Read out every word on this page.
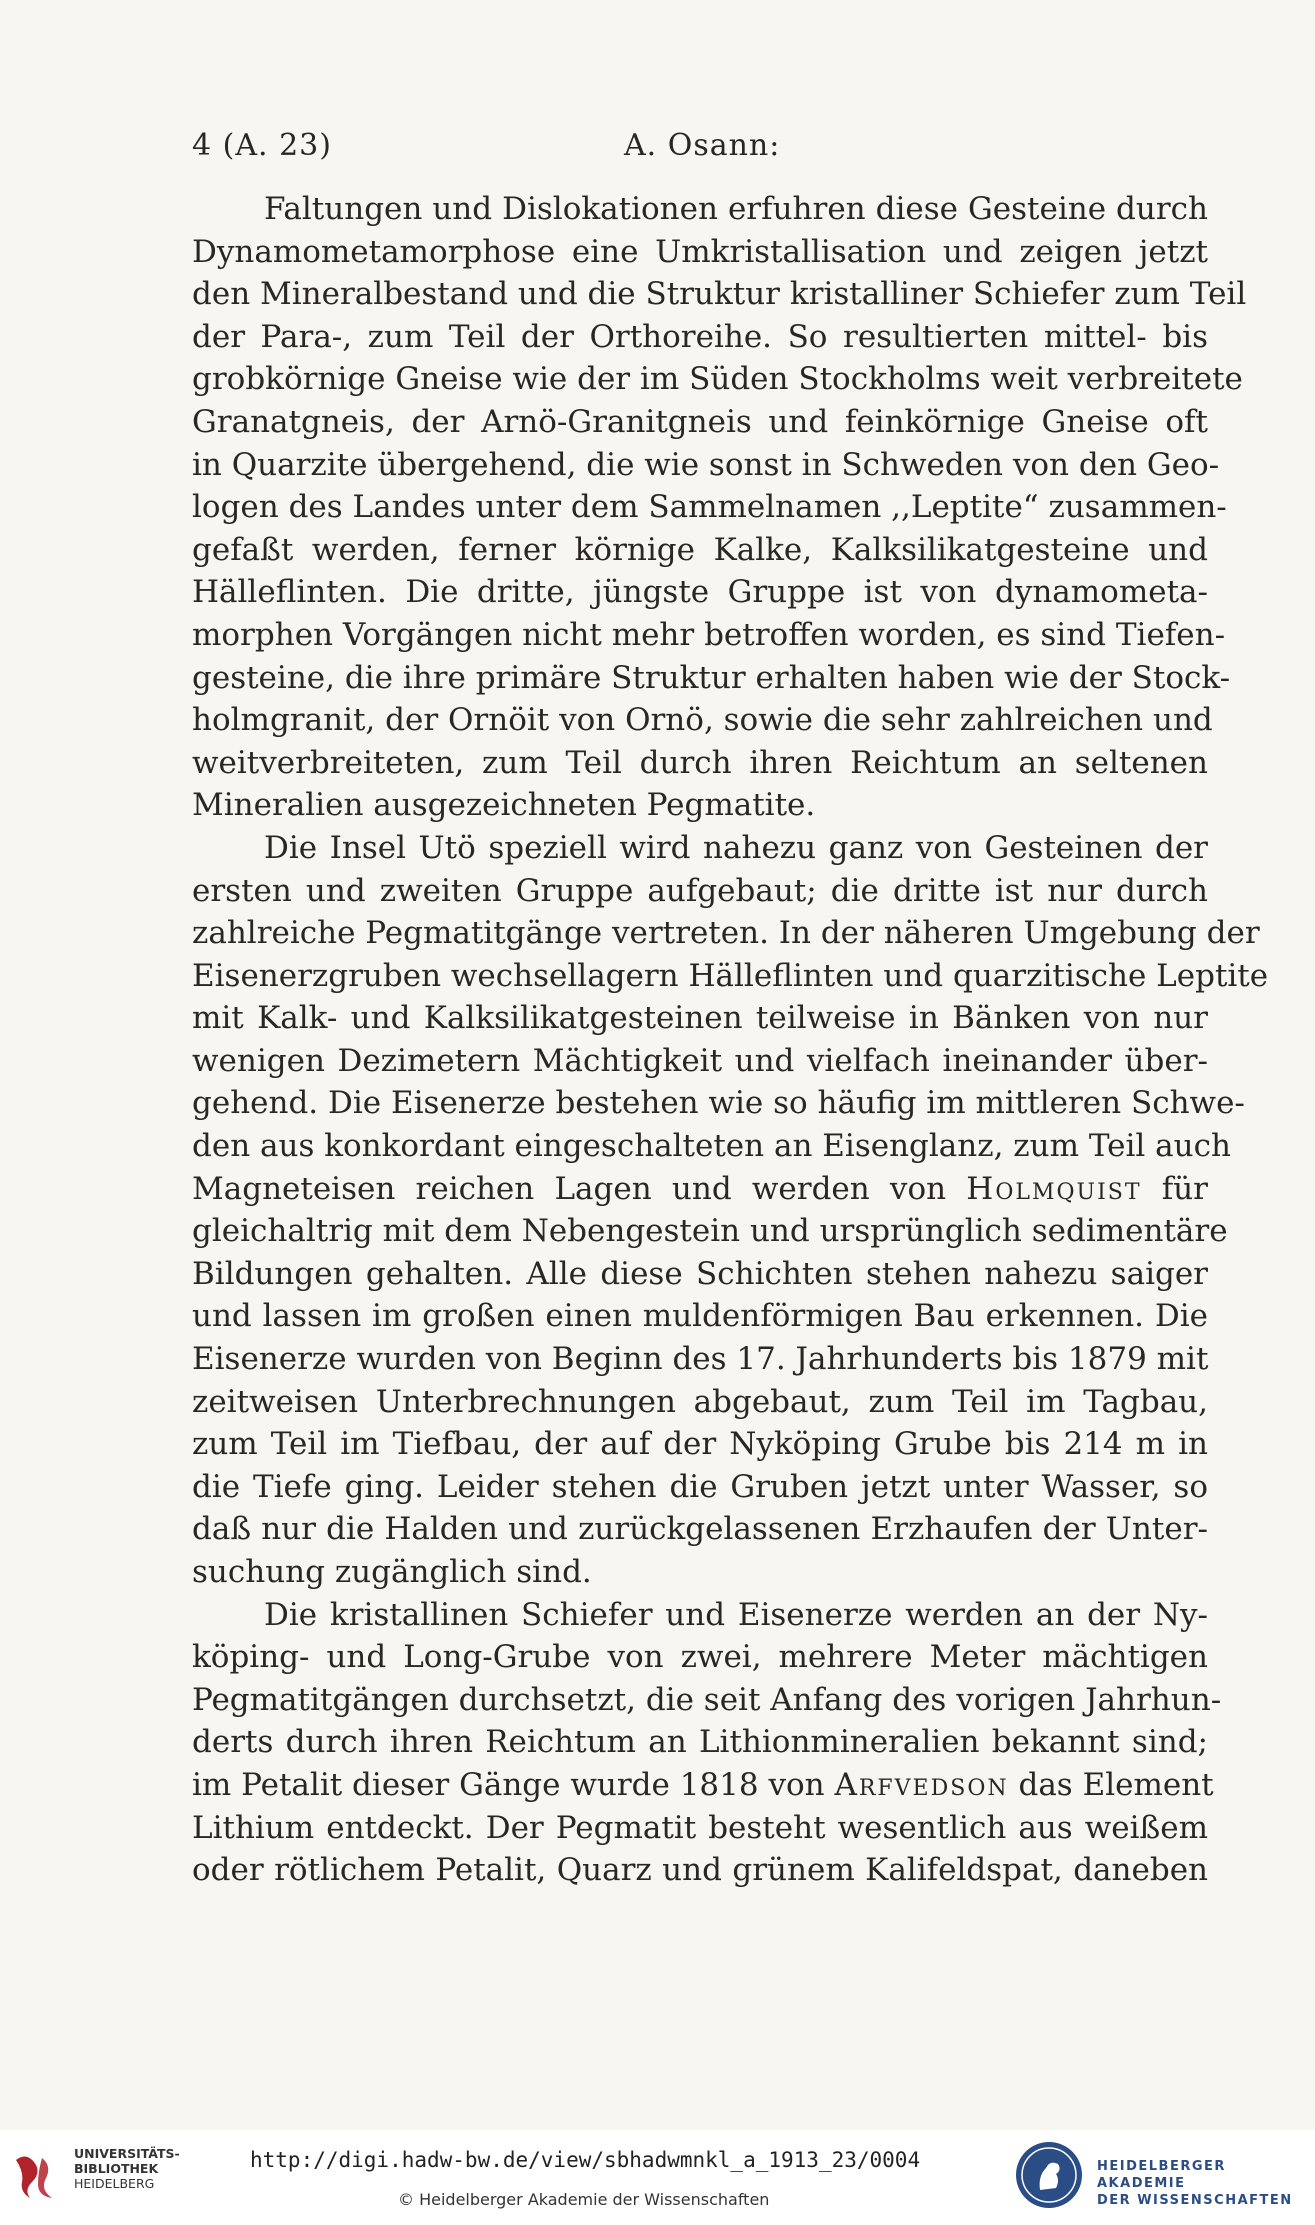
4 (A. 23)	A. Osann:
Faltungen und Dislokationen erfuhren diese Gesteine durch
Dynamometamorphose eine Umkristallisation und zeigen jetzt
den Mineralbestand und die Struktur kristalliner Schiefer zum Teil
der Para-, zum Teil der Orthoreihe. So resultierten mittel- bis
grobkörnige Gneise wie der im Süden Stockholms weit verbreitete
Granatgneis, der Arnö-Granitgneis und feinkörnige Gneise oft
in Quarzite übergehend, die wie sonst in Schweden von den Geo-
logen des Landes unter dem Sammelnamen ,,Leptite“ zusammen-
gefaßt werden, ferner körnige Kalke, Kalksilikatgesteine und
Hälleflinten. Die dritte, jüngste Gruppe ist von dynamometa-
morphen Vorgängen nicht mehr betroffen worden, es sind Tiefen-
gesteine, die ihre primäre Struktur erhalten haben wie der Stock-
holmgranit, der Ornöit von Ornö, sowie die sehr zahlreichen und
weitverbreiteten, zum Teil durch ihren Reichtum an seltenen
Mineralien ausgezeichneten Pegmatite.
Die Insel Utö speziell wird nahezu ganz von Gesteinen der
ersten und zweiten Gruppe aufgebaut; die dritte ist nur durch
zahlreiche Pegmatitgänge vertreten. In der näheren Umgebung der
Eisenerzgruben wechsellagern Hälleflinten und quarzitische Leptite
mit Kalk- und Kalksilikatgesteinen teilweise in Bänken von nur
wenigen Dezimetern Mächtigkeit und vielfach ineinander über-
gehend. Die Eisenerze bestehen wie so häufig im mittleren Schwe-
den aus konkordant eingeschalteten an Eisenglanz, zum Teil auch
Magneteisen reichen Lagen und werden von Holmquist für
gleichaltrig mit dem Nebengestein und ursprünglich sedimentäre
Bildungen gehalten. Alle diese Schichten stehen nahezu saiger
und lassen im großen einen muldenförmigen Bau erkennen. Die
Eisenerze wurden von Beginn des 17. Jahrhunderts bis 1879 mit
zeitweisen Unterbrechnungen abgebaut, zum Teil im Tagbau,
zum Teil im Tiefbau, der auf der Nyköping Grube bis 214 m in
die Tiefe ging. Leider stehen die Gruben jetzt unter Wasser, so
daß nur die Halden und zurückgelassenen Erzhaufen der Unter-
suchung zugänglich sind.
Die kristallinen Schiefer und Eisenerze werden an der Ny-
köping- und Long-Grube von zwei, mehrere Meter mächtigen
Pegmatitgängen durchsetzt, die seit Anfang des vorigen Jahrhun-
derts durch ihren Reichtum an Lithionmineralien bekannt sind;
im Petalit dieser Gänge wurde 1818 von Arfvedson das Element
Lithium entdeckt. Der Pegmatit besteht wesentlich aus weißem
oder rötlichem Petalit, Quarz und grünem Kalifeldspat, daneben
UNIVERSITÄTS-
BIBLIOTHEK
HEIDELBERG
http://digi.hadw-bw.de/view/sbhadwmnkl_a_1913_23/0004
© Heidelberger Akademie der Wissenschaften
HEIDELBERGER AKADEMIE
DER WISSENSCHAFTEN
